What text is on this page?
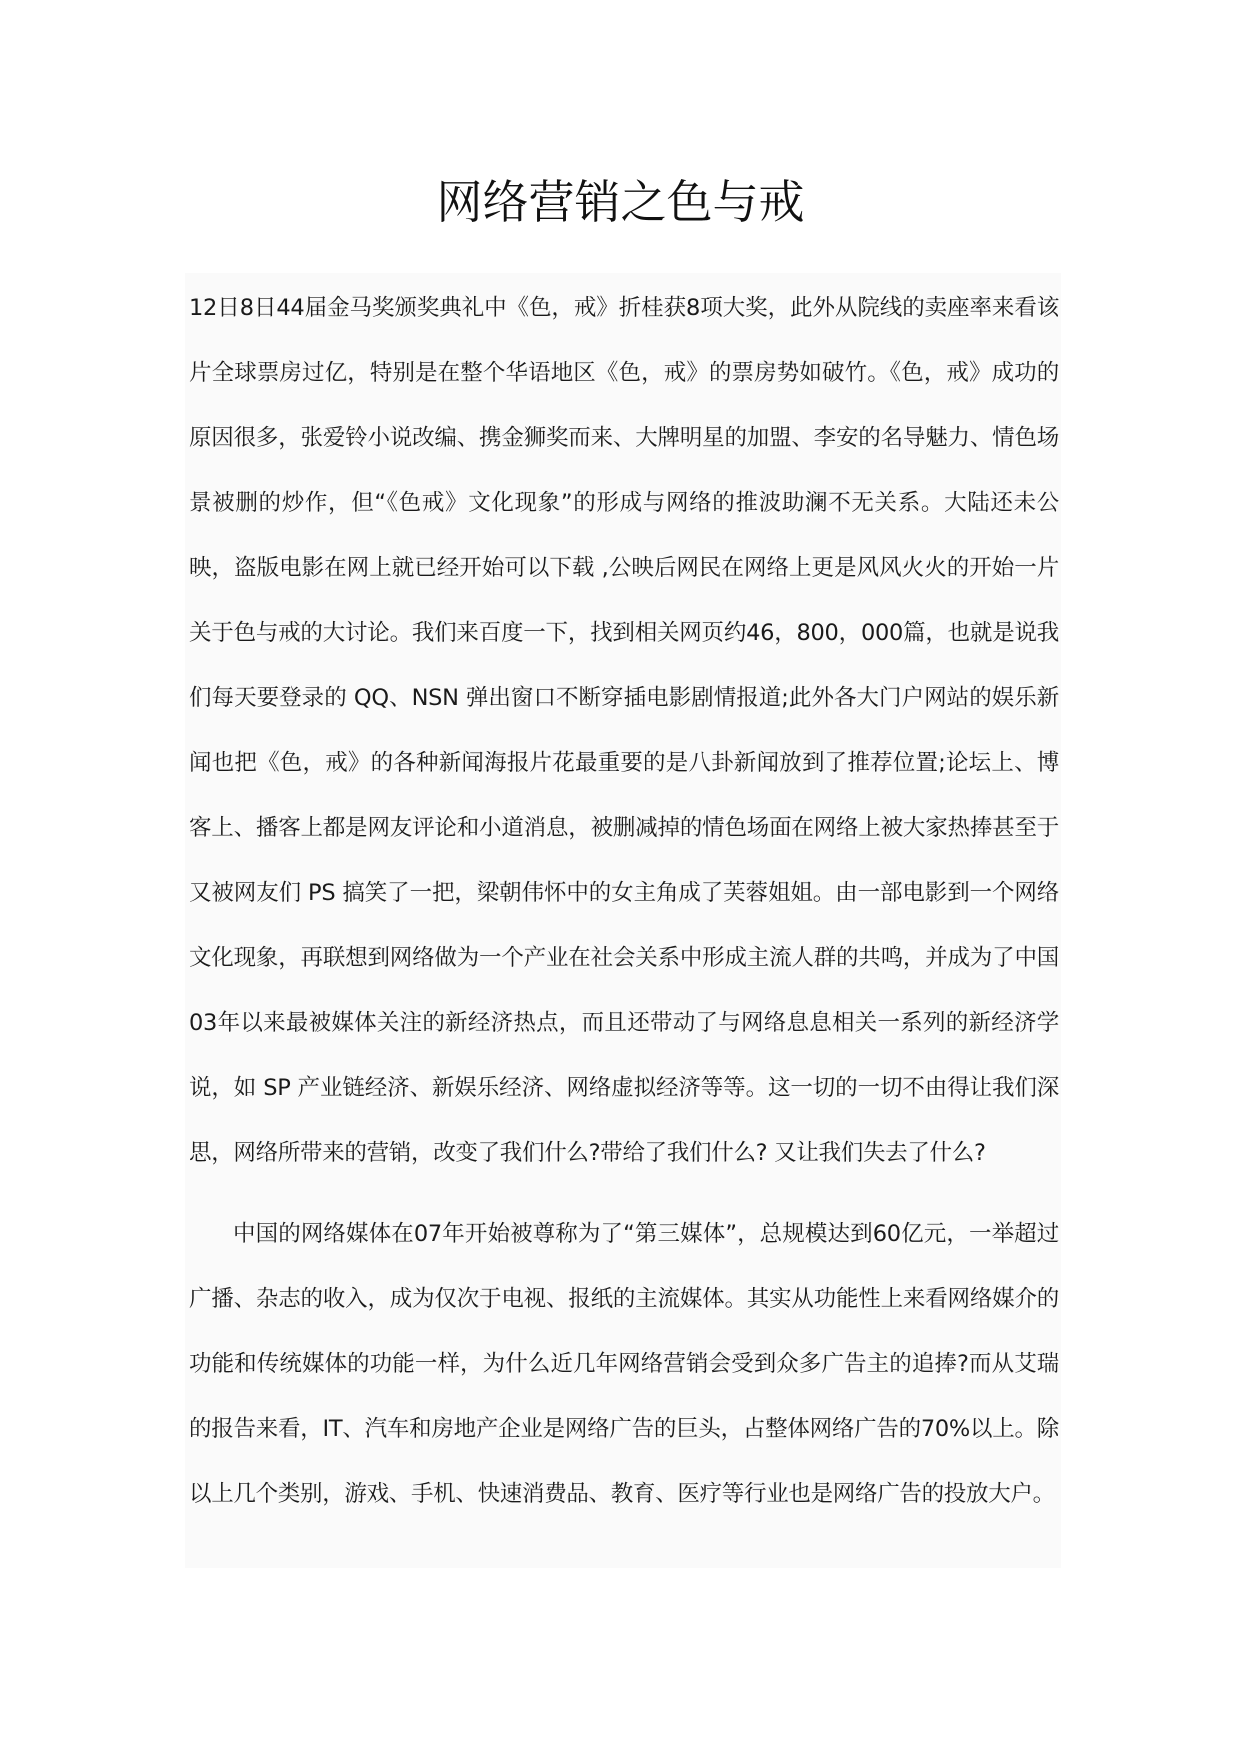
网络营销之色与戒

12日8日44届金马奖颁奖典礼中《色，戒》折桂获8项大奖，此外从院线的卖座率来看该片全球票房过亿，特别是在整个华语地区《色，戒》的票房势如破竹。《色，戒》成功的原因很多，张爱铃小说改编、携金狮奖而来、大牌明星的加盟、李安的名导魅力、情色场景被删的炒作，但“《色戒》文化现象”的形成与网络的推波助澜不无关系。大陆还未公映，盗版电影在网上就已经开始可以下载 ,公映后网民在网络上更是风风火火的开始一片关于色与戒的大讨论。我们来百度一下，找到相关网页约46，800，000篇，也就是说我们每天要登录的 QQ、NSN 弹出窗口不断穿插电影剧情报道;此外各大门户网站的娱乐新闻也把《色，戒》的各种新闻海报片花最重要的是八卦新闻放到了推荐位置;论坛上、博客上、播客上都是网友评论和小道消息，被删减掉的情色场面在网络上被大家热捧甚至于又被网友们 PS 搞笑了一把，梁朝伟怀中的女主角成了芙蓉姐姐。由一部电影到一个网络文化现象，再联想到网络做为一个产业在社会关系中形成主流人群的共鸣，并成为了中国03年以来最被媒体关注的新经济热点，而且还带动了与网络息息相关一系列的新经济学说，如 SP 产业链经济、新娱乐经济、网络虚拟经济等等。这一切的一切不由得让我们深思，网络所带来的营销，改变了我们什么?带给了我们什么? 又让我们失去了什么?

中国的网络媒体在07年开始被尊称为了“第三媒体”，总规模达到60亿元，一举超过广播、杂志的收入，成为仅次于电视、报纸的主流媒体。其实从功能性上来看网络媒介的功能和传统媒体的功能一样，为什么近几年网络营销会受到众多广告主的追捧?而从艾瑞的报告来看，IT、汽车和房地产企业是网络广告的巨头，占整体网络广告的70%以上。除以上几个类别，游戏、手机、快速消费品、教育、医疗等行业也是网络广告的投放大户。
